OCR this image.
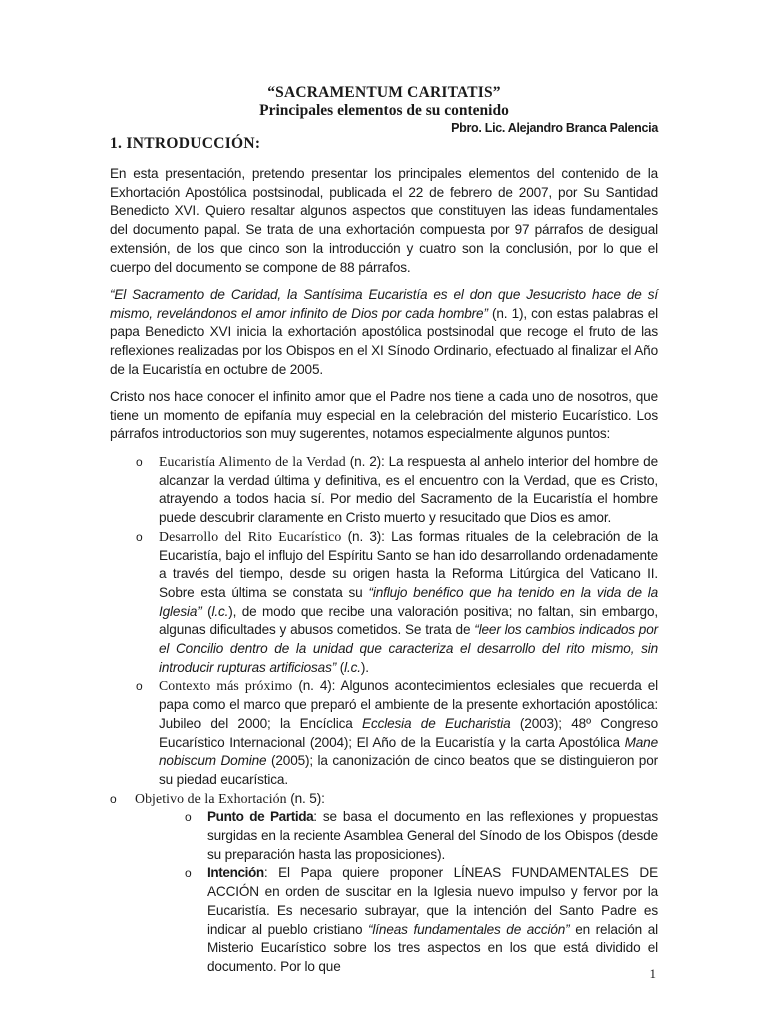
“SACRAMENTUM CARITATIS”
Principales elementos de su contenido
Pbro. Lic. Alejandro Branca Palencia
1. INTRODUCCIÓN:
En esta presentación, pretendo presentar los principales elementos del contenido de la Exhortación Apostólica postsinodal, publicada el 22 de febrero de 2007, por Su Santidad Benedicto XVI. Quiero resaltar algunos aspectos que constituyen las ideas fundamentales del documento papal. Se trata de una exhortación compuesta por 97 párrafos de desigual extensión, de los que cinco son la introducción y cuatro son la conclusión, por lo que el cuerpo del documento se compone de 88 párrafos.
“El Sacramento de Caridad, la Santísima Eucaristía es el don que Jesucristo hace de sí mismo, revelándonos el amor infinito de Dios por cada hombre” (n. 1), con estas palabras el papa Benedicto XVI inicia la exhortación apostólica postsinodal que recoge el fruto de las reflexiones realizadas por los Obispos en el XI Sínodo Ordinario, efectuado al finalizar el Año de la Eucaristía en octubre de 2005.
Cristo nos hace conocer el infinito amor que el Padre nos tiene a cada uno de nosotros, que tiene un momento de epifanía muy especial en la celebración del misterio Eucarístico. Los párrafos introductorios son muy sugerentes, notamos especialmente algunos puntos:
o Eucaristía Alimento de la Verdad (n. 2): La respuesta al anhelo interior del hombre de alcanzar la verdad última y definitiva, es el encuentro con la Verdad, que es Cristo, atrayendo a todos hacia sí. Por medio del Sacramento de la Eucaristía el hombre puede descubrir claramente en Cristo muerto y resucitado que Dios es amor.
o Desarrollo del Rito Eucarístico (n. 3): Las formas rituales de la celebración de la Eucaristía, bajo el influjo del Espíritu Santo se han ido desarrollando ordenadamente a través del tiempo, desde su origen hasta la Reforma Litúrgica del Vaticano II. Sobre esta última se constata su “influjo benéfico que ha tenido en la vida de la Iglesia” (l.c.), de modo que recibe una valoración positiva; no faltan, sin embargo, algunas dificultades y abusos cometidos. Se trata de “leer los cambios indicados por el Concilio dentro de la unidad que caracteriza el desarrollo del rito mismo, sin introducir rupturas artificiosas” (l.c.).
o Contexto más próximo (n. 4): Algunos acontecimientos eclesiales que recuerda el papa como el marco que preparó el ambiente de la presente exhortación apostólica: Jubileo del 2000; la Encíclica Ecclesia de Eucharistia (2003); 48º Congreso Eucarístico Internacional (2004); El Año de la Eucaristía y la carta Apostólica Mane nobiscum Domine (2005); la canonización de cinco beatos que se distinguieron por su piedad eucarística.
o Objetivo de la Exhortación (n. 5):
o Punto de Partida: se basa el documento en las reflexiones y propuestas surgidas en la reciente Asamblea General del Sínodo de los Obispos (desde su preparación hasta las proposiciones).
o Intención: El Papa quiere proponer LÍNEAS FUNDAMENTALES DE ACCIÓN en orden de suscitar en la Iglesia nuevo impulso y fervor por la Eucaristía. Es necesario subrayar, que la intención del Santo Padre es indicar al pueblo cristiano “líneas fundamentales de acción” en relación al Misterio Eucarístico sobre los tres aspectos en los que está dividido el documento. Por lo que	1
